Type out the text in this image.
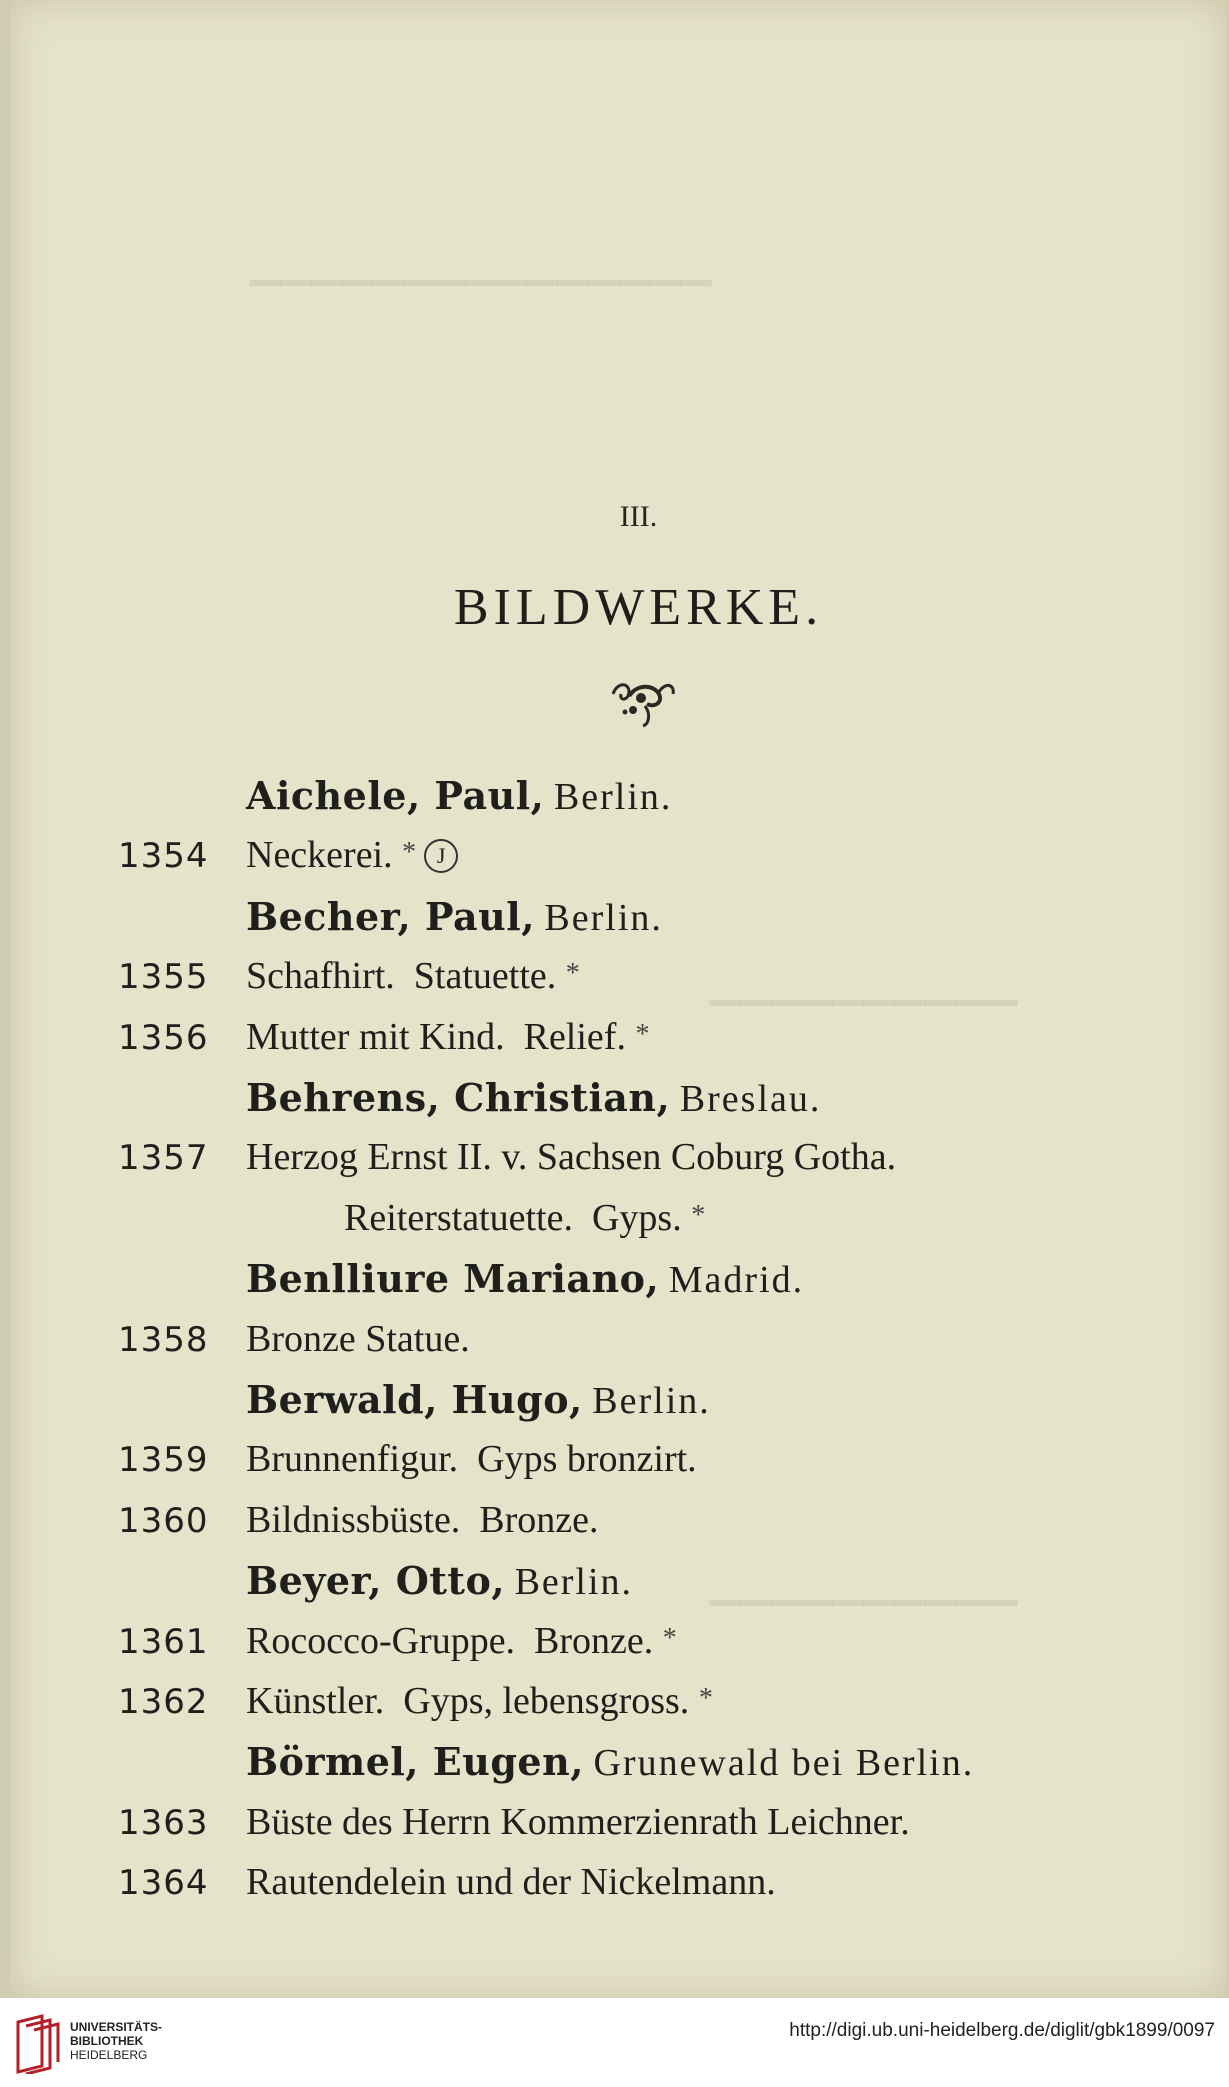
▁▁▁▁▁▁▁▁▁▁▁▁▁▁▁
▁▁▁▁▁▁▁▁▁▁
▁▁▁▁▁▁▁▁▁▁
III.
BILDWERKE.
Aichele, Paul, Berlin.
1354 Neckerei. * J
Becher, Paul, Berlin.
1355 Schafhirt.  Statuette. *
1356 Mutter mit Kind.  Relief. *
Behrens, Christian, Breslau.
1357 Herzog Ernst II. v. Sachsen Coburg Gotha.
Reiterstatuette.  Gyps. *
Benlliure Mariano, Madrid.
1358 Bronze Statue.
Berwald, Hugo, Berlin.
1359 Brunnenfigur.  Gyps bronzirt.
1360 Bildnissbüste.  Bronze.
Beyer, Otto, Berlin.
1361 Rococco-Gruppe.  Bronze. *
1362 Künstler.  Gyps, lebensgross. *
Börmel, Eugen, Grunewald bei Berlin.
1363 Büste des Herrn Kommerzienrath Leichner.
1364 Rautendelein und der Nickelmann.
UNIVERSITÄTS-
BIBLIOTHEK
HEIDELBERG
http://digi.ub.uni-heidelberg.de/diglit/gbk1899/0097
